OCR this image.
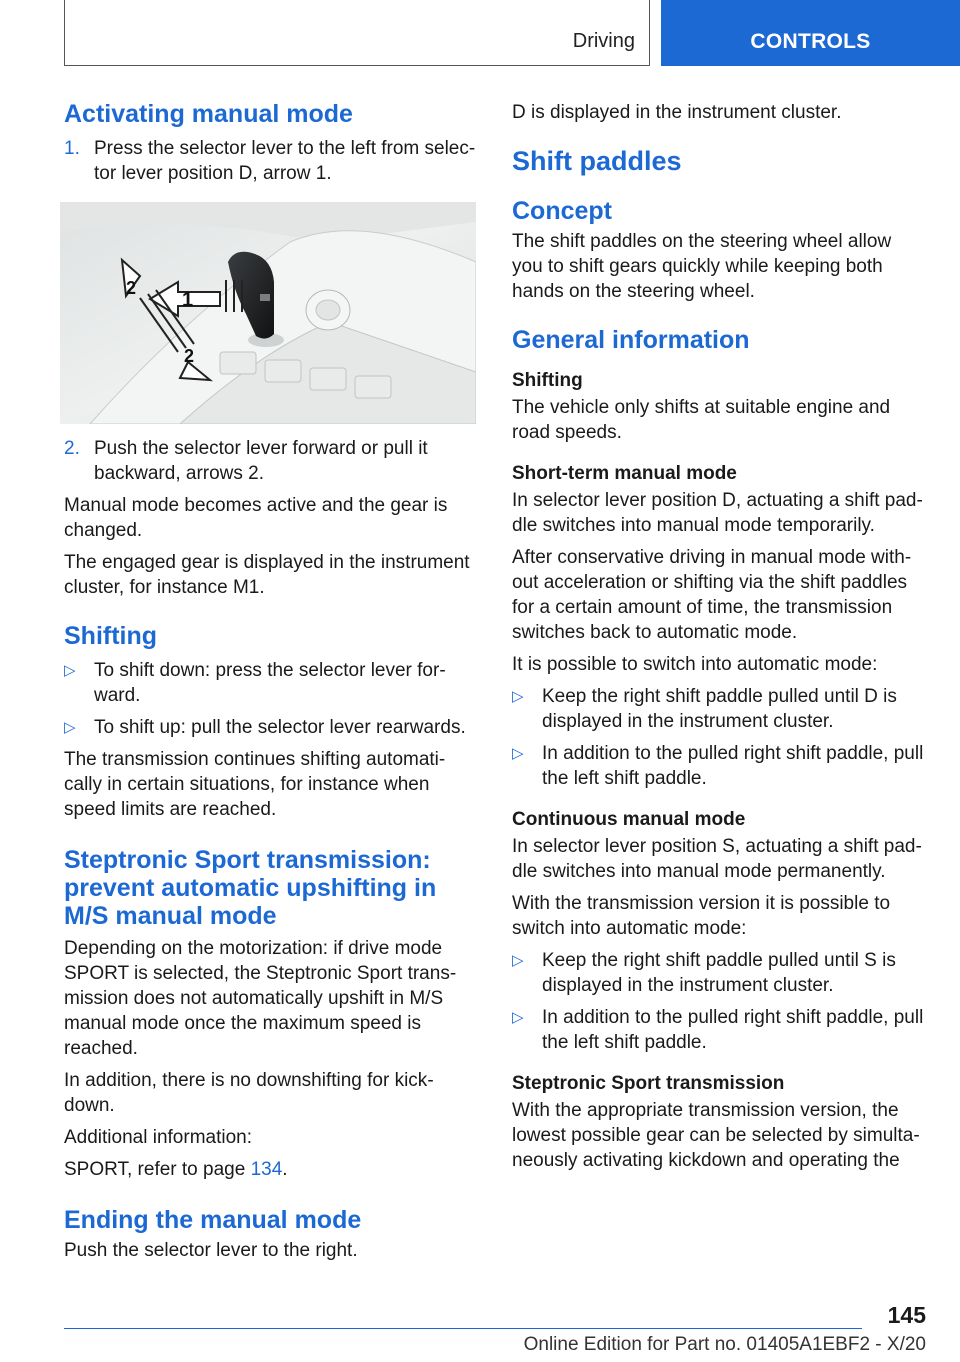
Driving	CONTROLS
Activating manual mode
1. Press the selector lever to the left from selector lever position D, arrow 1.
1
2
2
2. Push the selector lever forward or pull it backward, arrows 2.

Manual mode becomes active and the gear is changed.

The engaged gear is displayed in the instrument cluster, for instance M1.

Shifting
▷ To shift down: press the selector lever forward.
▷ To shift up: pull the selector lever rearwards.

The transmission continues shifting automatically in certain situations, for instance when speed limits are reached.

Steptronic Sport transmission: prevent automatic upshifting in M/S manual mode

Depending on the motorization: if drive mode SPORT is selected, the Steptronic Sport transmission does not automatically upshift in M/S manual mode once the maximum speed is reached.

In addition, there is no downshifting for kickdown.

Additional information:

SPORT, refer to page 134.

Ending the manual mode

Push the selector lever to the right.

D is displayed in the instrument cluster.

Shift paddles
Concept

The shift paddles on the steering wheel allow you to shift gears quickly while keeping both hands on the steering wheel.

General information
Shifting

The vehicle only shifts at suitable engine and road speeds.

Short-term manual mode

In selector lever position D, actuating a shift paddle switches into manual mode temporarily.

After conservative driving in manual mode without acceleration or shifting via the shift paddles for a certain amount of time, the transmission switches back to automatic mode.

It is possible to switch into automatic mode:

▷ Keep the right shift paddle pulled until D is displayed in the instrument cluster.
▷ In addition to the pulled right shift paddle, pull the left shift paddle.
Continuous manual mode

In selector lever position S, actuating a shift paddle switches into manual mode permanently.

With the transmission version it is possible to switch into automatic mode:

▷ Keep the right shift paddle pulled until S is displayed in the instrument cluster.
▷ In addition to the pulled right shift paddle, pull the left shift paddle.
Steptronic Sport transmission

With the appropriate transmission version, the lowest possible gear can be selected by simultaneously activating kickdown and operating the

145
Online Edition for Part no. 01405A1EBF2 - X/20
